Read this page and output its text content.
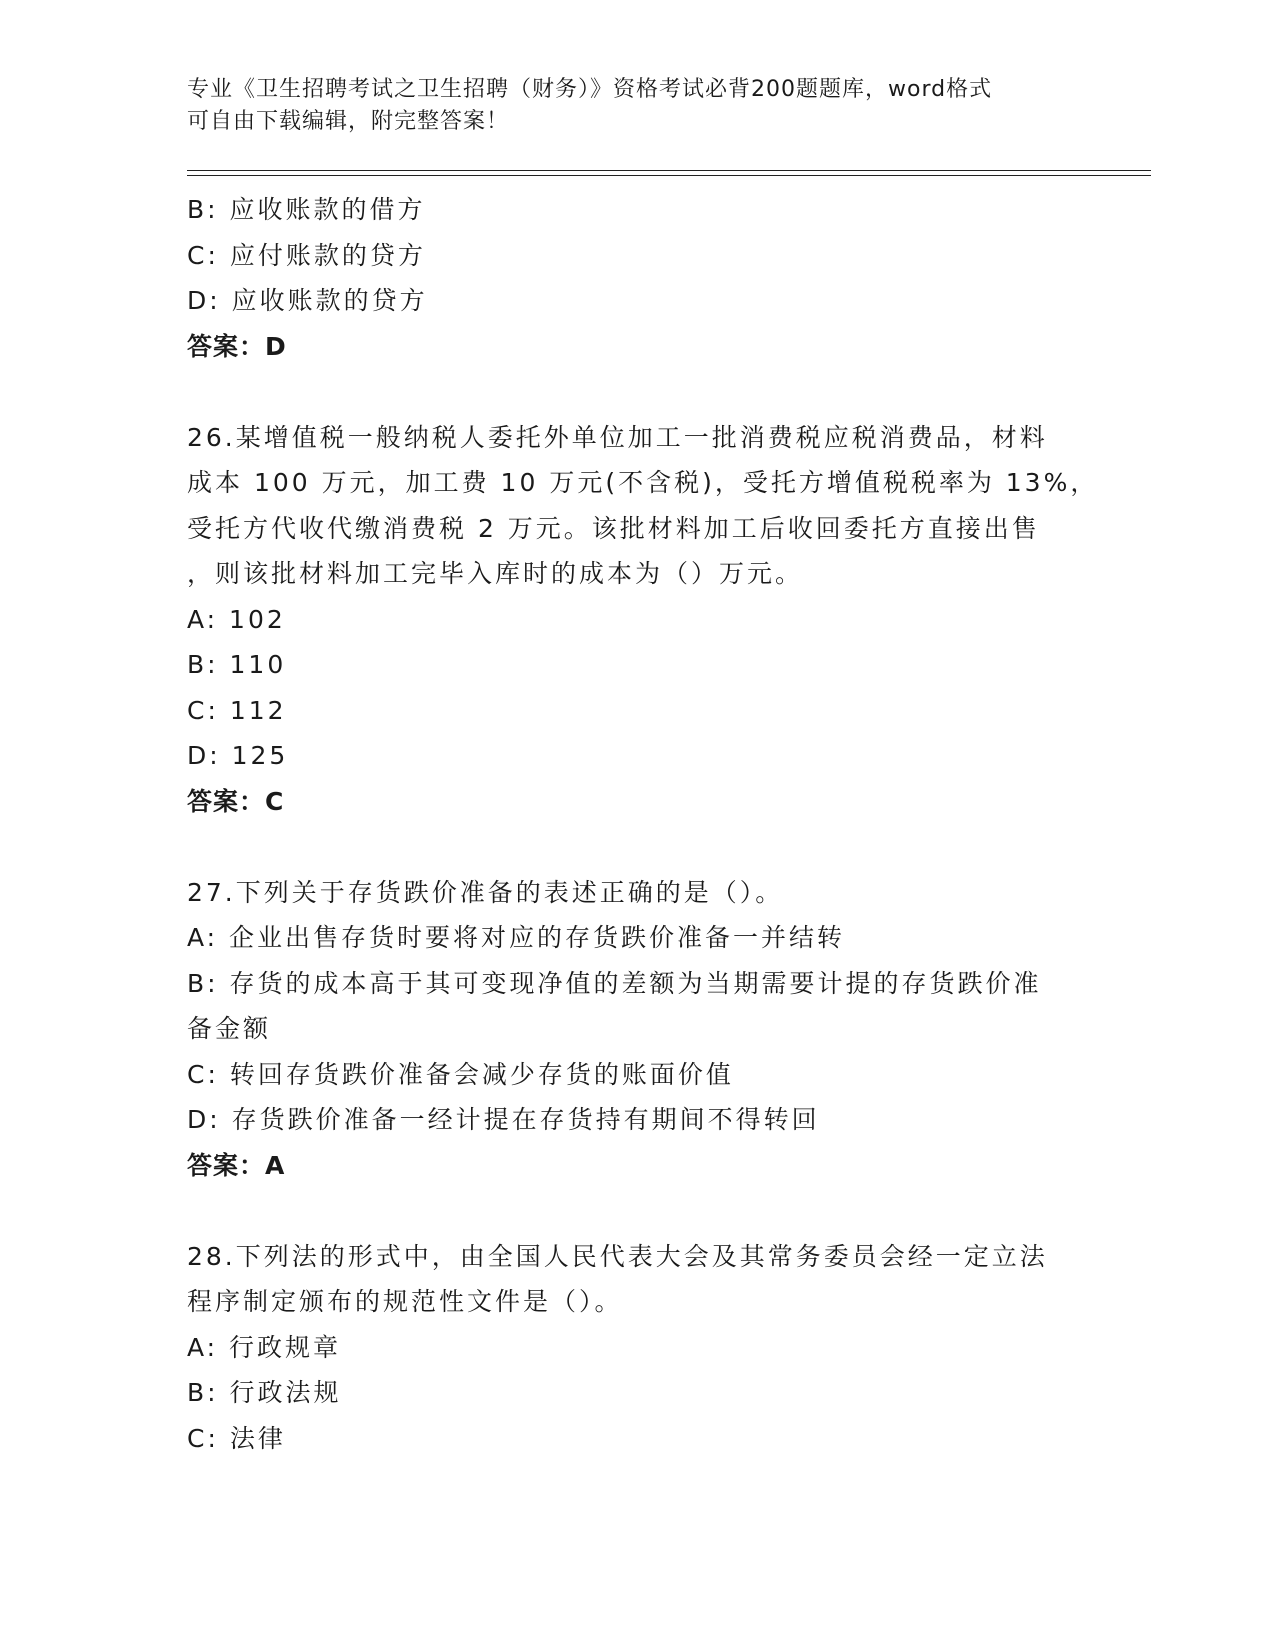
专业《卫生招聘考试之卫生招聘（财务）》资格考试必背200题题库，word格式
可自由下载编辑，附完整答案！
B: 应收账款的借方
C: 应付账款的贷方
D: 应收账款的贷方
答案：D
26.某增值税一般纳税人委托外单位加工一批消费税应税消费品，材料
成本 100 万元，加工费 10 万元(不含税)，受托方增值税税率为 13%，
受托方代收代缴消费税 2 万元。该批材料加工后收回委托方直接出售
，则该批材料加工完毕入库时的成本为（）万元。
A: 102
B: 110
C: 112
D: 125
答案：C
27.下列关于存货跌价准备的表述正确的是（）。
A: 企业出售存货时要将对应的存货跌价准备一并结转
B: 存货的成本高于其可变现净值的差额为当期需要计提的存货跌价准
备金额
C: 转回存货跌价准备会减少存货的账面价值
D: 存货跌价准备一经计提在存货持有期间不得转回
答案：A
28.下列法的形式中，由全国人民代表大会及其常务委员会经一定立法
程序制定颁布的规范性文件是（）。
A: 行政规章
B: 行政法规
C: 法律
